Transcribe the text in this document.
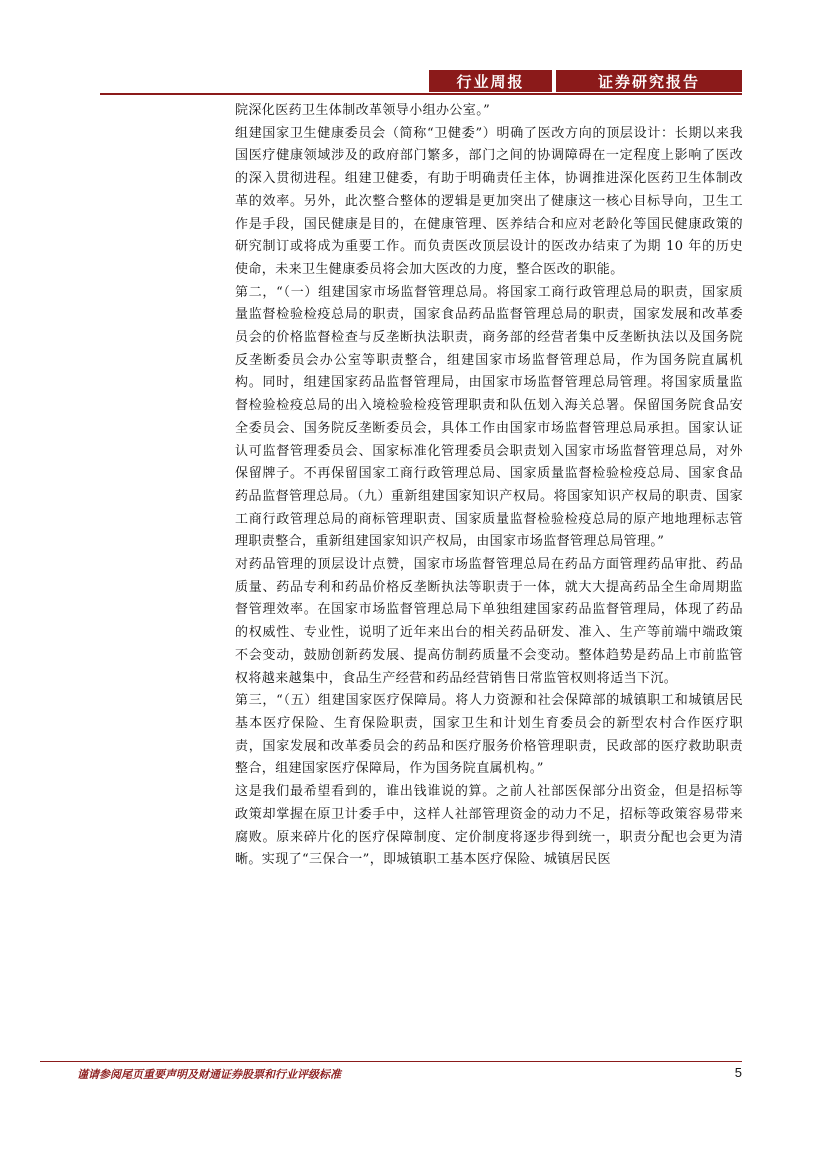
行业周报	证券研究报告

院深化医药卫生体制改革领导小组办公室。”

组建国家卫生健康委员会（简称“卫健委”）明确了医改方向的顶层设计：长期以来我国医疗健康领域涉及的政府部门繁多，部门之间的协调障碍在一定程度上影响了医改的深入贯彻进程。组建卫健委，有助于明确责任主体，协调推进深化医药卫生体制改革的效率。另外，此次整合整体的逻辑是更加突出了健康这一核心目标导向，卫生工作是手段，国民健康是目的，在健康管理、医养结合和应对老龄化等国民健康政策的研究制订或将成为重要工作。而负责医改顶层设计的医改办结束了为期 10 年的历史使命，未来卫生健康委员将会加大医改的力度，整合医改的职能。

第二，“（一）组建国家市场监督管理总局。将国家工商行政管理总局的职责，国家质量监督检验检疫总局的职责，国家食品药品监督管理总局的职责，国家发展和改革委员会的价格监督检查与反垄断执法职责，商务部的经营者集中反垄断执法以及国务院反垄断委员会办公室等职责整合，组建国家市场监督管理总局，作为国务院直属机构。同时，组建国家药品监督管理局，由国家市场监督管理总局管理。将国家质量监督检验检疫总局的出入境检验检疫管理职责和队伍划入海关总署。保留国务院食品安全委员会、国务院反垄断委员会，具体工作由国家市场监督管理总局承担。国家认证认可监督管理委员会、国家标准化管理委员会职责划入国家市场监督管理总局，对外保留牌子。不再保留国家工商行政管理总局、国家质量监督检验检疫总局、国家食品药品监督管理总局。（九）重新组建国家知识产权局。将国家知识产权局的职责、国家工商行政管理总局的商标管理职责、国家质量监督检验检疫总局的原产地地理标志管理职责整合，重新组建国家知识产权局，由国家市场监督管理总局管理。”

对药品管理的顶层设计点赞，国家市场监督管理总局在药品方面管理药品审批、药品质量、药品专利和药品价格反垄断执法等职责于一体，就大大提高药品全生命周期监督管理效率。在国家市场监督管理总局下单独组建国家药品监督管理局，体现了药品的权威性、专业性，说明了近年来出台的相关药品研发、准入、生产等前端中端政策不会变动，鼓励创新药发展、提高仿制药质量不会变动。整体趋势是药品上市前监管权将越来越集中，食品生产经营和药品经营销售日常监管权则将适当下沉。

第三，“（五）组建国家医疗保障局。将人力资源和社会保障部的城镇职工和城镇居民基本医疗保险、生育保险职责，国家卫生和计划生育委员会的新型农村合作医疗职责，国家发展和改革委员会的药品和医疗服务价格管理职责，民政部的医疗救助职责整合，组建国家医疗保障局，作为国务院直属机构。”

这是我们最希望看到的，谁出钱谁说的算。之前人社部医保部分出资金，但是招标等政策却掌握在原卫计委手中，这样人社部管理资金的动力不足，招标等政策容易带来腐败。原来碎片化的医疗保障制度、定价制度将逐步得到统一，职责分配也会更为清晰。实现了“三保合一”，即城镇职工基本医疗保险、城镇居民医

谨请参阅尾页重要声明及财通证券股票和行业评级标准	5
